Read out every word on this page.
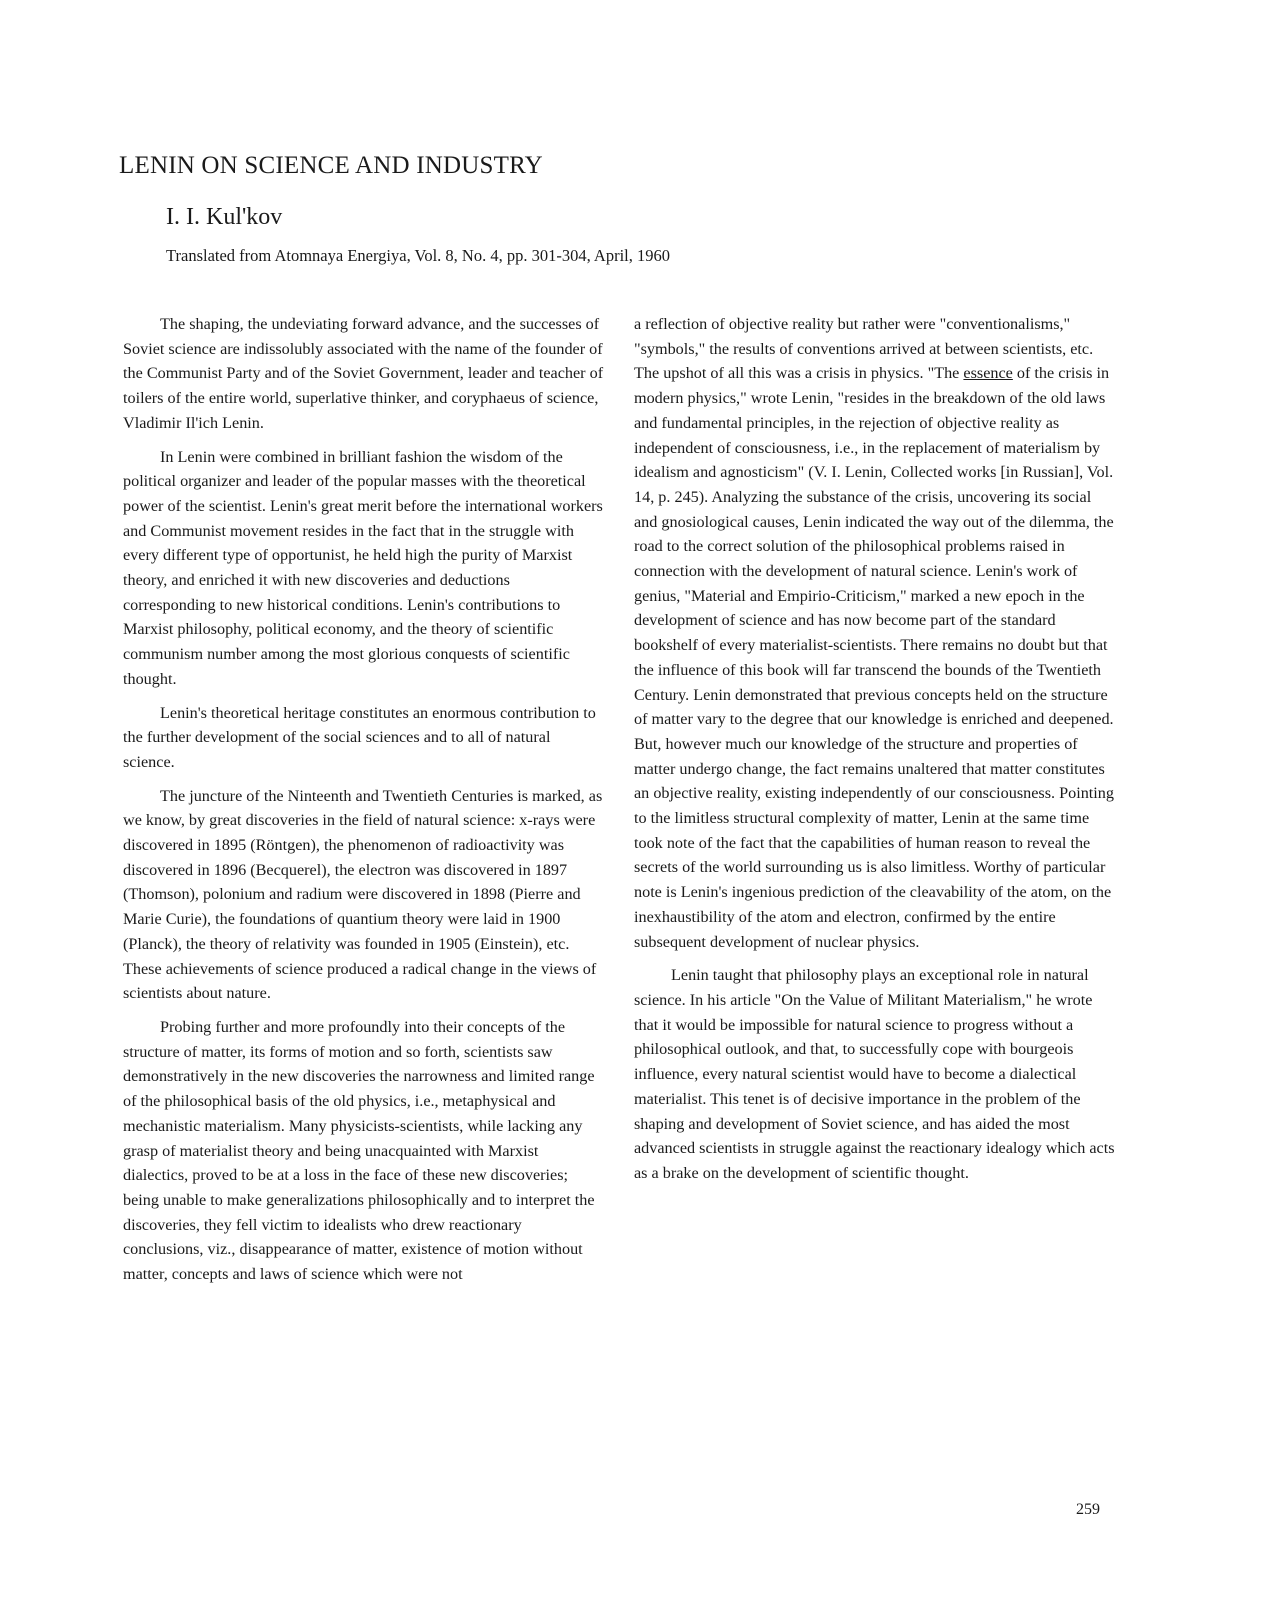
LENIN ON SCIENCE AND INDUSTRY
I. I. Kul'kov

Translated from Atomnaya Energiya, Vol. 8, No. 4, pp. 301-304, April, 1960

The shaping, the undeviating forward advance, and the successes of Soviet science are indissolubly associated with the name of the founder of the Communist Party and of the Soviet Government, leader and teacher of toilers of the entire world, superlative thinker, and coryphaeus of science, Vladimir Il'ich Lenin.

In Lenin were combined in brilliant fashion the wisdom of the political organizer and leader of the popular masses with the theoretical power of the scientist. Lenin's great merit before the international workers and Communist movement resides in the fact that in the struggle with every different type of opportunist, he held high the purity of Marxist theory, and enriched it with new discoveries and deductions corresponding to new historical conditions. Lenin's contributions to Marxist philosophy, political economy, and the theory of scientific communism number among the most glorious conquests of scientific thought.

Lenin's theoretical heritage constitutes an enormous contribution to the further development of the social sciences and to all of natural science.

The juncture of the Ninteenth and Twentieth Centuries is marked, as we know, by great discoveries in the field of natural science: x-rays were discovered in 1895 (Röntgen), the phenomenon of radioactivity was discovered in 1896 (Becquerel), the electron was discovered in 1897 (Thomson), polonium and radium were discovered in 1898 (Pierre and Marie Curie), the foundations of quantium theory were laid in 1900 (Planck), the theory of relativity was founded in 1905 (Einstein), etc. These achievements of science produced a radical change in the views of scientists about nature.

Probing further and more profoundly into their concepts of the structure of matter, its forms of motion and so forth, scientists saw demonstratively in the new discoveries the narrowness and limited range of the philosophical basis of the old physics, i.e., metaphysical and mechanistic materialism. Many physicists-scientists, while lacking any grasp of materialist theory and being unacquainted with Marxist dialectics, proved to be at a loss in the face of these new discoveries; being unable to make generalizations philosophically and to interpret the discoveries, they fell victim to idealists who drew reactionary conclusions, viz., disappearance of matter, existence of motion without matter, concepts and laws of science which were not

a reflection of objective reality but rather were "conventionalisms," "symbols," the results of conventions arrived at between scientists, etc. The upshot of all this was a crisis in physics. "The essence of the crisis in modern physics," wrote Lenin, "resides in the breakdown of the old laws and fundamental principles, in the rejection of objective reality as independent of consciousness, i.e., in the replacement of materialism by idealism and agnosticism" (V. I. Lenin, Collected works [in Russian], Vol. 14, p. 245). Analyzing the substance of the crisis, uncovering its social and gnosiological causes, Lenin indicated the way out of the dilemma, the road to the correct solution of the philosophical problems raised in connection with the development of natural science. Lenin's work of genius, "Material and Empirio-Criticism," marked a new epoch in the development of science and has now become part of the standard bookshelf of every materialist-scientists. There remains no doubt but that the influence of this book will far transcend the bounds of the Twentieth Century. Lenin demonstrated that previous concepts held on the structure of matter vary to the degree that our knowledge is enriched and deepened. But, however much our knowledge of the structure and properties of matter undergo change, the fact remains unaltered that matter constitutes an objective reality, existing independently of our consciousness. Pointing to the limitless structural complexity of matter, Lenin at the same time took note of the fact that the capabilities of human reason to reveal the secrets of the world surrounding us is also limitless. Worthy of particular note is Lenin's ingenious prediction of the cleavability of the atom, on the inexhaustibility of the atom and electron, confirmed by the entire subsequent development of nuclear physics.

Lenin taught that philosophy plays an exceptional role in natural science. In his article "On the Value of Militant Materialism," he wrote that it would be impossible for natural science to progress without a philosophical outlook, and that, to successfully cope with bourgeois influence, every natural scientist would have to become a dialectical materialist. This tenet is of decisive importance in the problem of the shaping and development of Soviet science, and has aided the most advanced scientists in struggle against the reactionary idealogy which acts as a brake on the development of scientific thought.

259
